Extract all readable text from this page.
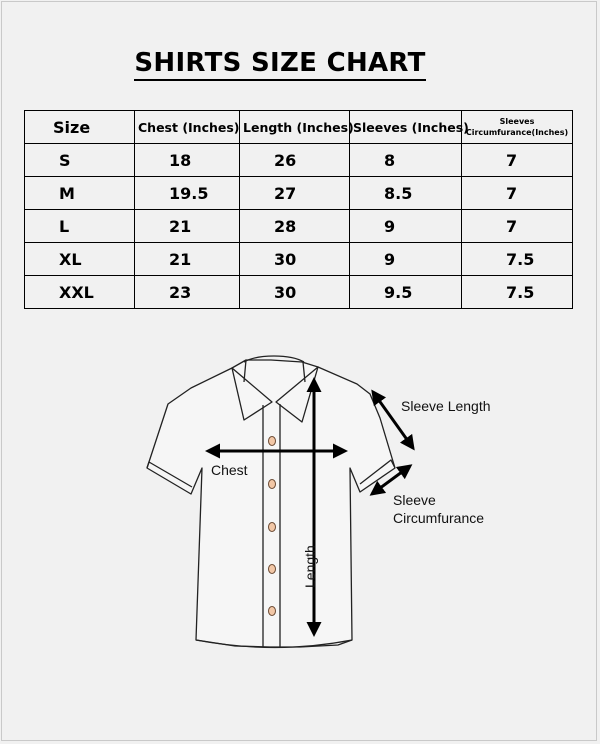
SHIRTS SIZE CHART
Size	Chest (Inches)	Length (Inches)	Sleeves (Inches)	Sleeves
Circumfurance(Inches)
S	18	26	8	7
M	19.5	27	8.5	7
L	21	28	9	7
XL	21	30	9	7.5
XXL	23	30	9.5	7.5
Chest
Length
Sleeve Length
Sleeve
Circumfurance
